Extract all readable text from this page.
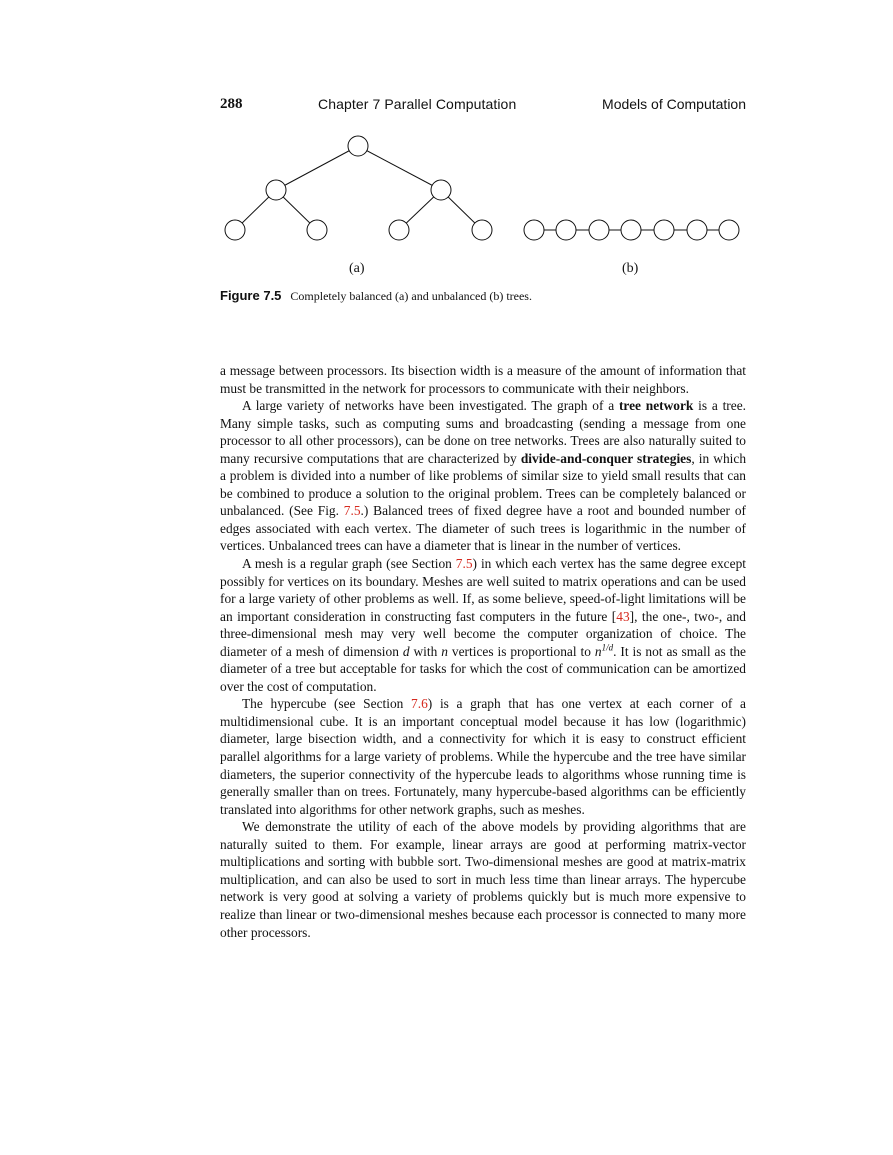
288	Chapter 7 Parallel Computation	Models of Computation
(a)	(b)
Figure 7.5 Completely balanced (a) and unbalanced (b) trees.

a message between processors. Its bisection width is a measure of the amount of information that must be transmitted in the network for processors to communicate with their neighbors.

A large variety of networks have been investigated. The graph of a tree network is a tree. Many simple tasks, such as computing sums and broadcasting (sending a message from one processor to all other processors), can be done on tree networks. Trees are also naturally suited to many recursive computations that are characterized by divide-and-conquer strategies, in which a problem is divided into a number of like problems of similar size to yield small results that can be combined to produce a solution to the original problem. Trees can be completely balanced or unbalanced. (See Fig. 7.5.) Balanced trees of fixed degree have a root and bounded number of edges associated with each vertex. The diameter of such trees is logarithmic in the number of vertices. Unbalanced trees can have a diameter that is linear in the number of vertices.

A mesh is a regular graph (see Section 7.5) in which each vertex has the same degree except possibly for vertices on its boundary. Meshes are well suited to matrix operations and can be used for a large variety of other problems as well. If, as some believe, speed-of-light limitations will be an important consideration in constructing fast computers in the future [43], the one-, two-, and three-dimensional mesh may very well become the computer organization of choice. The diameter of a mesh of dimension d with n vertices is proportional to $n^{1/d}$. It is not as small as the diameter of a tree but acceptable for tasks for which the cost of communication can be amortized over the cost of computation.

The hypercube (see Section 7.6) is a graph that has one vertex at each corner of a multidimensional cube. It is an important conceptual model because it has low (logarithmic) diameter, large bisection width, and a connectivity for which it is easy to construct efficient parallel algorithms for a large variety of problems. While the hypercube and the tree have similar diameters, the superior connectivity of the hypercube leads to algorithms whose running time is generally smaller than on trees. Fortunately, many hypercube-based algorithms can be efficiently translated into algorithms for other network graphs, such as meshes.

We demonstrate the utility of each of the above models by providing algorithms that are naturally suited to them. For example, linear arrays are good at performing matrix-vector multiplications and sorting with bubble sort. Two-dimensional meshes are good at matrix-matrix multiplication, and can also be used to sort in much less time than linear arrays. The hypercube network is very good at solving a variety of problems quickly but is much more expensive to realize than linear or two-dimensional meshes because each processor is connected to many more other processors.
